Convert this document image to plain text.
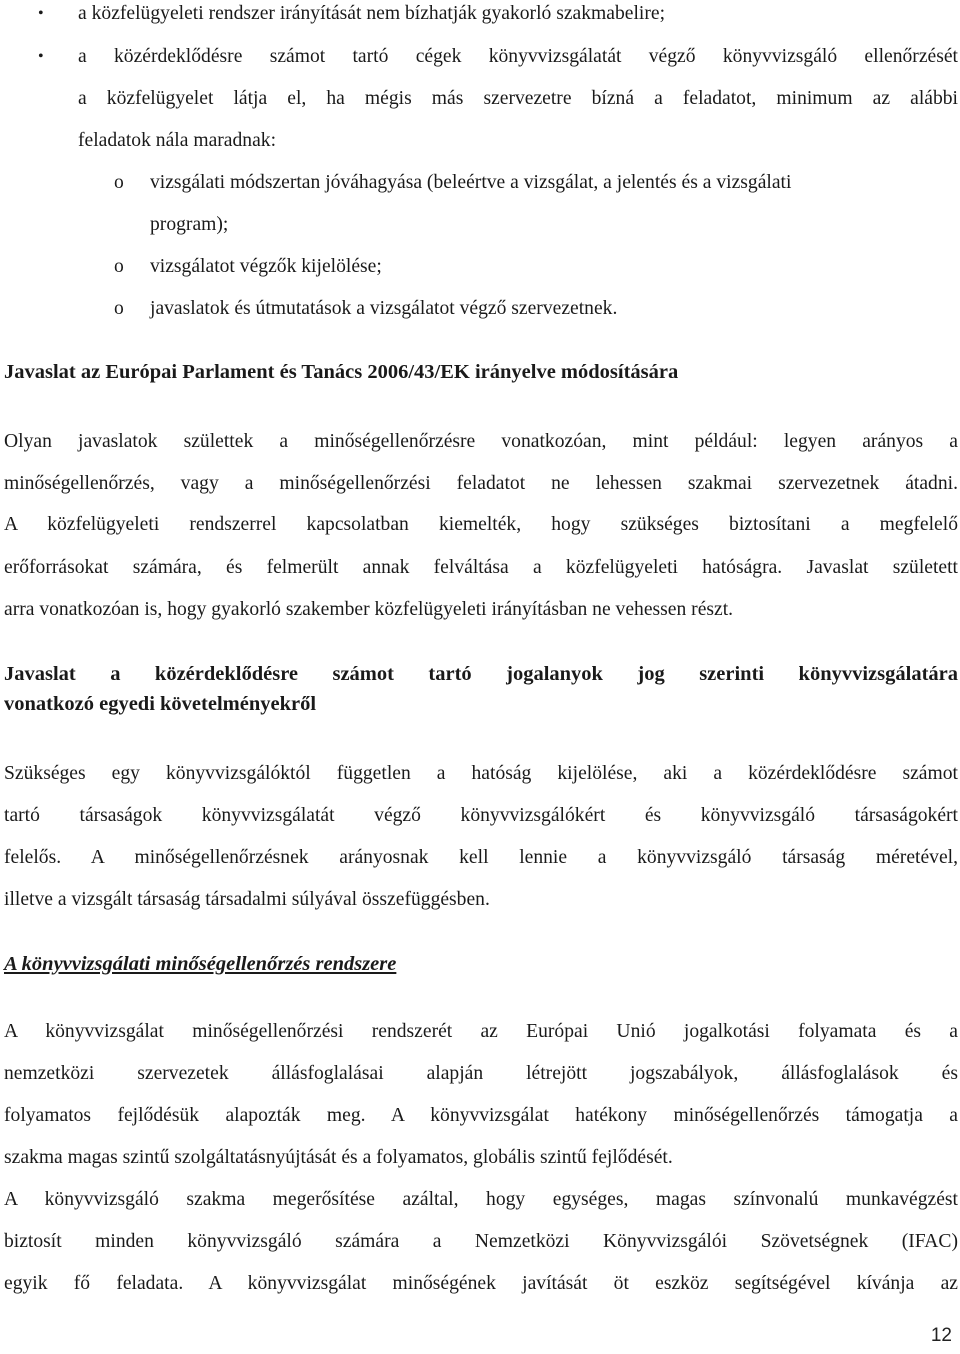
• a közfelügyeleti rendszer irányítását nem bízhatják gyakorló szakmabelire;
• a közérdeklődésre számot tartó cégek könyvvizsgálatát végző könyvvizsgáló ellenőrzését
a közfelügyelet látja el, ha mégis más szervezetre bízná a feladatot, minimum az alábbi
feladatok nála maradnak:
o vizsgálati módszertan jóváhagyása (beleértve a vizsgálat, a jelentés és a vizsgálati
program);
o vizsgálatot végzők kijelölése;
o javaslatok és útmutatások a vizsgálatot végző szervezetnek.
Javaslat az Európai Parlament és Tanács 2006/43/EK irányelve módosítására
Olyan javaslatok születtek a minőségellenőrzésre vonatkozóan, mint például: legyen arányos a
minőségellenőrzés, vagy a minőségellenőrzési feladatot ne lehessen szakmai szervezetnek átadni.
A közfelügyeleti rendszerrel kapcsolatban kiemelték, hogy szükséges biztosítani a megfelelő
erőforrásokat számára, és felmerült annak felváltása a közfelügyeleti hatóságra. Javaslat született
arra vonatkozóan is, hogy gyakorló szakember közfelügyeleti irányításban ne vehessen részt.
Javaslat a közérdeklődésre számot tartó jogalanyok jog szerinti könyvvizsgálatára
vonatkozó egyedi követelményekről
Szükséges egy könyvvizsgálóktól független a hatóság kijelölése, aki a közérdeklődésre számot
tartó társaságok könyvvizsgálatát végző könyvvizsgálókért és könyvvizsgáló társaságokért
felelős. A minőségellenőrzésnek arányosnak kell lennie a könyvvizsgáló társaság méretével,
illetve a vizsgált társaság társadalmi súlyával összefüggésben.
A könyvvizsgálati minőségellenőrzés rendszere
A könyvvizsgálat minőségellenőrzési rendszerét az Európai Unió jogalkotási folyamata és a
nemzetközi szervezetek állásfoglalásai alapján létrejött jogszabályok, állásfoglalások és
folyamatos fejlődésük alapozták meg. A könyvvizsgálat hatékony minőségellenőrzés támogatja a
szakma magas szintű szolgáltatásnyújtását és a folyamatos, globális szintű fejlődését.
A könyvvizsgáló szakma megerősítése azáltal, hogy egységes, magas színvonalú munkavégzést
biztosít minden könyvvizsgáló számára a Nemzetközi Könyvvizsgálói Szövetségnek (IFAC)
egyik fő feladata. A könyvvizsgálat minőségének javítását öt eszköz segítségével kívánja az
12
